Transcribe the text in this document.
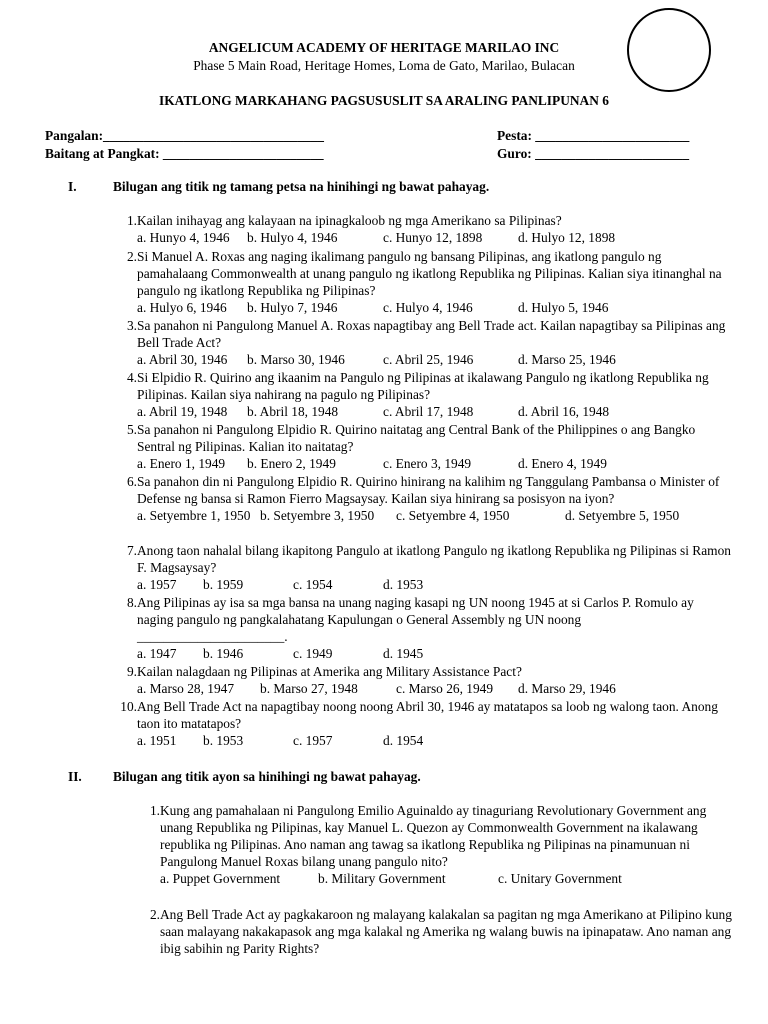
ANGELICUM ACADEMY OF HERITAGE MARILAO INC
Phase 5 Main Road, Heritage Homes, Loma de Gato, Marilao, Bulacan
IKATLONG MARKAHANG PAGSUSUSLIT SA ARALING PANLIPUNAN 6
Pangalan:_________________________________
Baitang at Pangkat: ________________________
Pesta: _______________________
Guro: _______________________
I.	Bilugan ang titik ng tamang petsa na hinihingi ng bawat pahayag.
1. Kailan inihayag ang kalayaan na ipinagkaloob ng mga Amerikano sa Pilipinas?
a. Hunyo 4, 1946 b. Hulyo 4, 1946	c. Hunyo 12, 1898	d. Hulyo 12, 1898
2. Si Manuel A. Roxas ang naging ikalimang pangulo ng bansang Pilipinas, ang ikatlong pangulo ng pamahalaang Commonwealth at unang pangulo ng ikatlong Republika ng Pilipinas. Kalian siya itinanghal na pangulo ng ikatlong Republika ng Pilipinas?
a. Hulyo 6, 1946 b. Hulyo 7, 1946	c. Hulyo 4, 1946	d. Hulyo 5, 1946
3. Sa panahon ni Pangulong Manuel A. Roxas napagtibay ang Bell Trade act. Kailan napagtibay sa Pilipinas ang Bell Trade Act?
a. Abril 30, 1946 b. Marso 30, 1946	c. Abril 25, 1946	d. Marso 25, 1946
4. Si Elpidio R. Quirino ang ikaanim na Pangulo ng Pilipinas at ikalawang Pangulo ng ikatlong Republika ng Pilipinas. Kailan siya nahirang na pagulo ng Pilipinas?
a. Abril 19, 1948 b. Abril 18, 1948	c. Abril 17, 1948	d. Abril 16, 1948
5. Sa panahon ni Pangulong Elpidio R. Quirino naitatag ang Central Bank of the Philippines o ang Bangko Sentral ng Pilipinas. Kalian ito naitatag?
a. Enero 1, 1949 b. Enero 2, 1949	c. Enero 3, 1949	d. Enero 4, 1949
6. Sa panahon din ni Pangulong Elpidio R. Quirino hinirang na kalihim ng Tanggulang Pambansa o Minister of Defense ng bansa si Ramon Fierro Magsaysay. Kailan siya hinirang sa posisyon na iyon?
a. Setyembre 1, 1950 b. Setyembre 3, 1950 c. Setyembre 4, 1950	d. Setyembre 5, 1950
7. Anong taon nahalal bilang ikapitong Pangulo at ikatlong Pangulo ng ikatlong Republika ng Pilipinas si Ramon F. Magsaysay?
a. 1957 b. 1959	c. 1954	d. 1953
8. Ang Pilipinas ay isa sa mga bansa na unang naging kasapi ng UN noong 1945 at si Carlos P. Romulo ay naging pangulo ng pangkalahatang Kapulungan o General Assembly ng UN noong ______________________.
a. 1947 b. 1946	c. 1949	d. 1945
9. Kailan nalagdaan ng Pilipinas at Amerika ang Military Assistance Pact?
a. Marso 28, 1947 b. Marso 27, 1948	c. Marso 26, 1949 d. Marso 29, 1946
10. Ang Bell Trade Act na napagtibay noong noong Abril 30, 1946 ay matatapos sa loob ng walong taon. Anong taon ito matatapos?
a. 1951 b. 1953	c. 1957	d. 1954
II. Bilugan ang titik ayon sa hinihingi ng bawat pahayag.
1. Kung ang pamahalaan ni Pangulong Emilio Aguinaldo ay tinaguriang Revolutionary Government ang unang Republika ng Pilipinas, kay Manuel L. Quezon ay Commonwealth Government na ikalawang republika ng Pilipinas. Ano naman ang tawag sa ikatlong Republika ng Pilipinas na pinamunuan ni Pangulong Manuel Roxas bilang unang pangulo nito?
a. Puppet Government	b. Military Government	c. Unitary Government
2. Ang Bell Trade Act ay pagkakaroon ng malayang kalakalan sa pagitan ng mga Amerikano at Pilipino kung saan malayang nakakapasok ang mga kalakal ng Amerika ng walang buwis na ipinapataw. Ano naman ang ibig sabihin ng Parity Rights?
